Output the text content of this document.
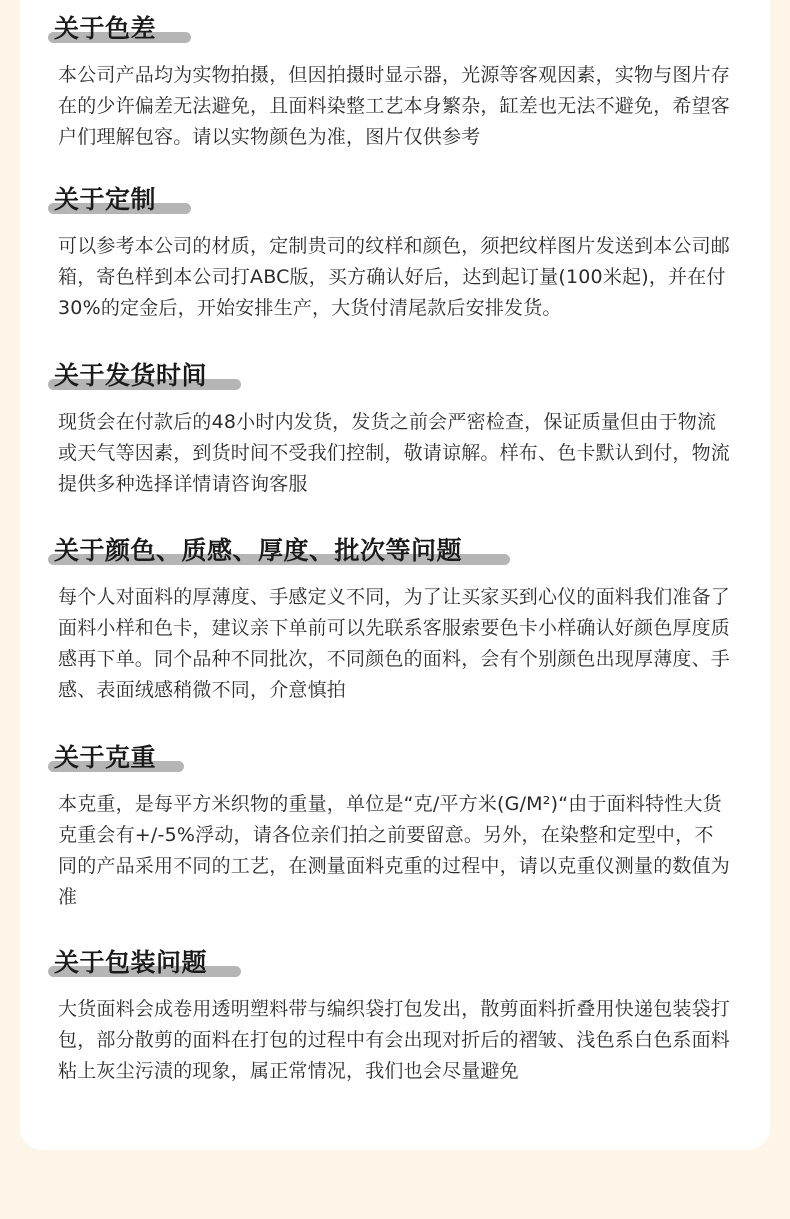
关于色差

本公司产品均为实物拍摄，但因拍摄时显示器，光源等客观因素，实物与图片存在的少许偏差无法避免，且面料染整工艺本身繁杂，缸差也无法不避免，希望客户们理解包容。请以实物颜色为准，图片仅供参考

关于定制

可以参考本公司的材质，定制贵司的纹样和颜色，须把纹样图片发送到本公司邮箱，寄色样到本公司打ABC版，买方确认好后，达到起订量(100米起)，并在付30%的定金后，开始安排生产，大货付清尾款后安排发货。

关于发货时间

现货会在付款后的48小时内发货，发货之前会严密检查，保证质量但由于物流或天气等因素，到货时间不受我们控制，敬请谅解。样布、色卡默认到付，物流提供多种选择详情请咨询客服

关于颜色、质感、厚度、批次等问题

每个人对面料的厚薄度、手感定义不同，为了让买家买到心仪的面料我们准备了面料小样和色卡，建议亲下单前可以先联系客服索要色卡小样确认好颜色厚度质感再下单。同个品种不同批次，不同颜色的面料，会有个别颜色出现厚薄度、手感、表面绒感稍微不同，介意慎拍

关于克重

本克重，是每平方米织物的重量，单位是“克/平方米(G/M²)“由于面料特性大货克重会有+/-5%浮动，请各位亲们拍之前要留意。另外，在染整和定型中，不同的产品采用不同的工艺，在测量面料克重的过程中，请以克重仪测量的数值为准

关于包装问题

大货面料会成卷用透明塑料带与编织袋打包发出，散剪面料折叠用快递包装袋打包，部分散剪的面料在打包的过程中有会出现对折后的褶皱、浅色系白色系面料粘上灰尘污渍的现象，属正常情况，我们也会尽量避免
